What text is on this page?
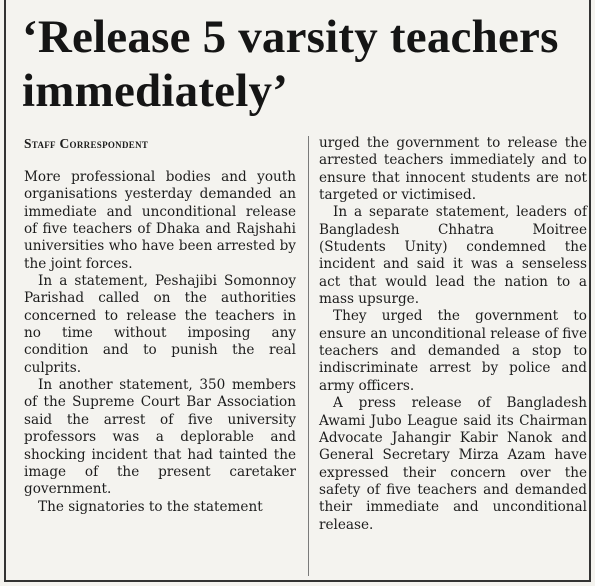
‘Release 5 varsity teachers immediately’
Staff Correspondent

More professional bodies and youth organisations yesterday demanded an immediate and unconditional release of five teachers of Dhaka and Rajshahi universities who have been arrested by the joint forces.

In a statement, Peshajibi Somonnoy Parishad called on the authorities concerned to release the teachers in no time without imposing any condition and to punish the real culprits.

In another statement, 350 members of the Supreme Court Bar Association said the arrest of five university professors was a deplorable and shocking incident that had tainted the image of the present caretaker government.

The signatories to the statement

urged the government to release the arrested teachers immediately and to ensure that innocent students are not targeted or victimised.

In a separate statement, leaders of Bangladesh Chhatra Moitree (Students Unity) condemned the incident and said it was a senseless act that would lead the nation to a mass upsurge.

They urged the government to ensure an unconditional release of five teachers and demanded a stop to indiscriminate arrest by police and army officers.

A press release of Bangladesh Awami Jubo League said its Chairman Advocate Jahangir Kabir Nanok and General Secretary Mirza Azam have expressed their concern over the safety of five teachers and demanded their immediate and unconditional release.
